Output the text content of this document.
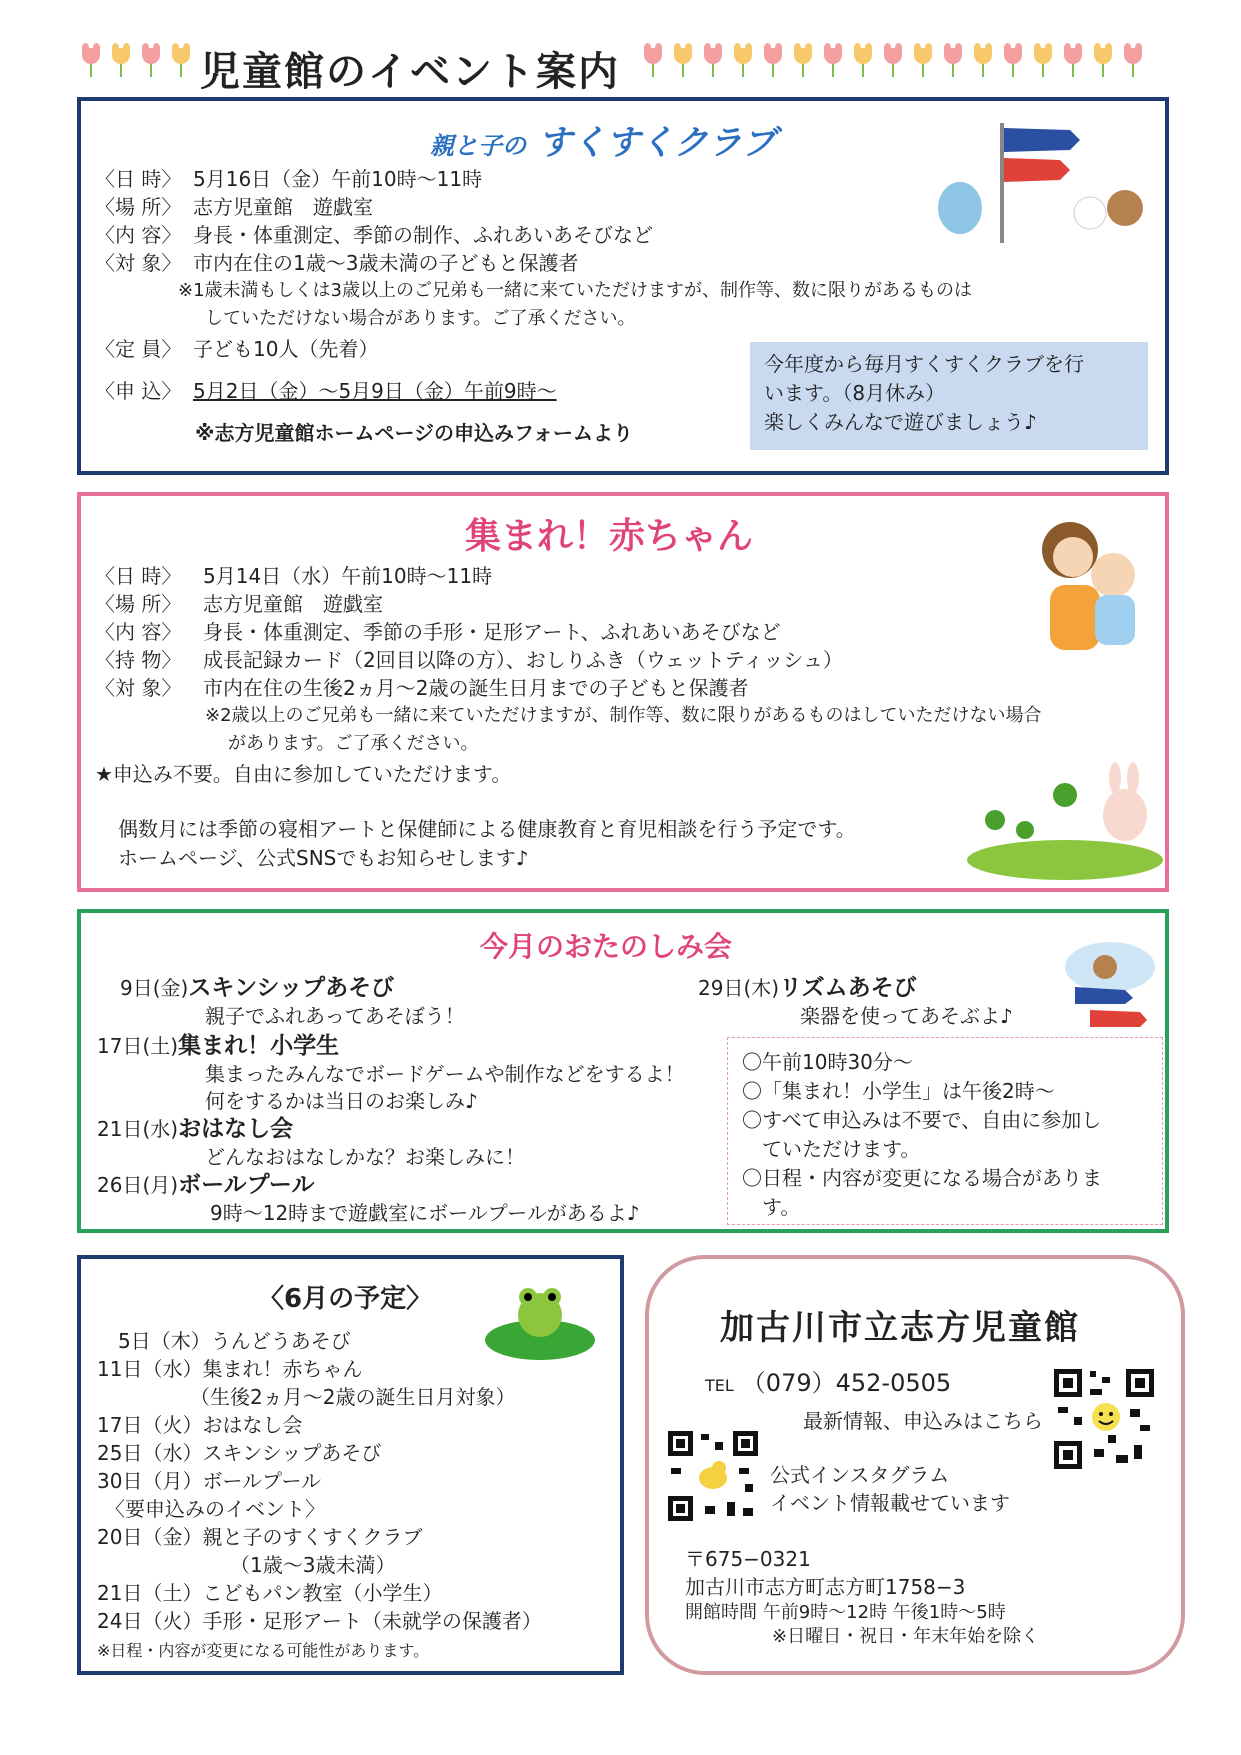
児童館のイベント案内
親と子の すくすくクラブ
〈日 時〉 5月16日（金）午前10時〜11時
〈場 所〉 志方児童館　遊戯室
〈内 容〉 身長・体重測定、季節の制作、ふれあいあそびなど
〈対 象〉 市内在住の1歳〜3歳未満の子どもと保護者
※1歳未満もしくは3歳以上のご兄弟も一緒に来ていただけますが、制作等、数に限りがあるものは
していただけない場合があります。ご了承ください。
〈定 員〉 子ども10人（先着）
〈申 込〉 5月2日（金）〜5月9日（金）午前9時〜
※志方児童館ホームページの申込みフォームより
今年度から毎月すくすくクラブを行
います。（8月休み）
楽しくみんなで遊びましょう♪
集まれ！赤ちゃん
〈日 時〉 5月14日（水）午前10時〜11時
〈場 所〉 志方児童館　遊戯室
〈内 容〉 身長・体重測定、季節の手形・足形アート、ふれあいあそびなど
〈持 物〉 成長記録カード（2回目以降の方）、おしりふき（ウェットティッシュ）
〈対 象〉 市内在住の生後2ヵ月〜2歳の誕生日月までの子どもと保護者
※2歳以上のご兄弟も一緒に来ていただけますが、制作等、数に限りがあるものはしていただけない場合
があります。ご了承ください。
★申込み不要。自由に参加していただけます。
偶数月には季節の寝相アートと保健師による健康教育と育児相談を行う予定です。
ホームページ、公式SNSでもお知らせします♪
今月のおたのしみ会
9日(金)スキンシップあそび
親子でふれあってあそぼう！
17日(土)集まれ！小学生
集まったみんなでボードゲームや制作などをするよ！
何をするかは当日のお楽しみ♪
21日(水)おはなし会
どんなおはなしかな？お楽しみに！
26日(月)ボールプール
9時〜12時まで遊戯室にボールプールがあるよ♪
29日(木)リズムあそび
楽器を使ってあそぶよ♪
〇午前10時30分〜
〇「集まれ！小学生」は午後2時〜
〇すべて申込みは不要で、自由に参加し
　ていただけます。
〇日程・内容が変更になる場合がありま
　す。
〈6月の予定〉
5日（木）うんどうあそび
11日（水）集まれ！赤ちゃん
　　（生後2ヵ月〜2歳の誕生日月対象）
17日（火）おはなし会
25日（水）スキンシップあそび
30日（月）ボールプール
〈要申込みのイベント〉
20日（金）親と子のすくすくクラブ
　　（1歳〜3歳未満）
21日（土）こどもパン教室（小学生）
24日（火）手形・足形アート（未就学の保護者）
※日程・内容が変更になる可能性があります。
加古川市立志方児童館
TEL （079）452-0505
最新情報、申込みはこちら
公式インスタグラム
イベント情報載せています
〒675−0321
加古川市志方町志方町1758−3
開館時間 午前9時〜12時 午後1時〜5時
※日曜日・祝日・年末年始を除く
